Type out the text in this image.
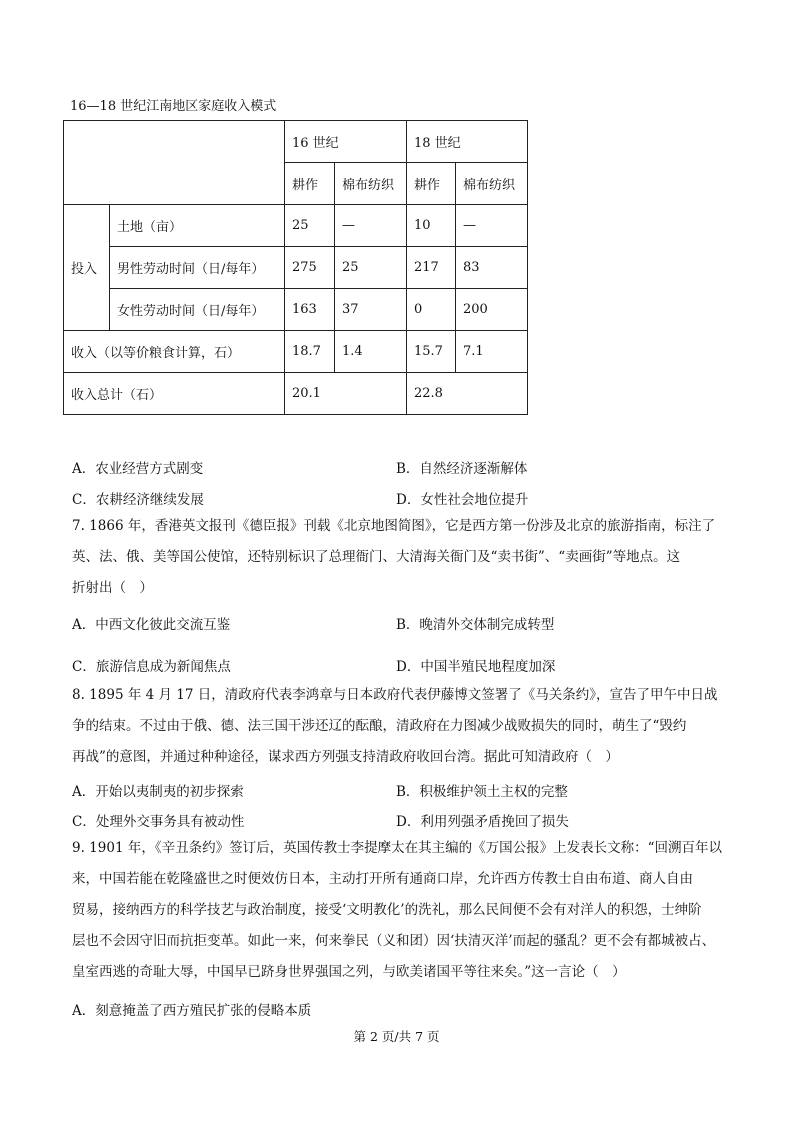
16—18 世纪江南地区家庭收入模式
		16 世纪		18 世纪	
		耕作	棉布纺织	耕作	棉布纺织
投入	土地（亩）	25	—	10	—
	男性劳动时间（日/每年）	275	25	217	83
	女性劳动时间（日/每年）	163	37	0	200
收入（以等价粮食计算，石）		18.7	1.4	15.7	7.1
收入总计（石）		20.1		22.8	
A．农业经营方式剧变	B．自然经济逐渐解体
C．农耕经济继续发展	D．女性社会地位提升
7. 1866 年，香港英文报刊《德臣报》刊载《北京地图简图》，它是西方第一份涉及北京的旅游指南，标注了
英、法、俄、美等国公使馆，还特别标识了总理衙门、大清海关衙门及“卖书街”、“卖画街”等地点。这
折射出（　）
A．中西文化彼此交流互鉴	B．晚清外交体制完成转型
C．旅游信息成为新闻焦点	D．中国半殖民地程度加深
8. 1895 年 4 月 17 日，清政府代表李鸿章与日本政府代表伊藤博文签署了《马关条约》，宣告了甲午中日战
争的结束。不过由于俄、德、法三国干涉还辽的酝酿，清政府在力图减少战败损失的同时，萌生了“毁约
再战”的意图，并通过种种途径，谋求西方列强支持清政府收回台湾。据此可知清政府（　）
A．开始以夷制夷的初步探索	B．积极维护领土主权的完整
C．处理外交事务具有被动性	D．利用列强矛盾挽回了损失
9. 1901 年，《辛丑条约》签订后，英国传教士李提摩太在其主编的《万国公报》上发表长文称：“回溯百年以
来，中国若能在乾隆盛世之时便效仿日本，主动打开所有通商口岸，允许西方传教士自由布道、商人自由
贸易，接纳西方的科学技艺与政治制度，接受‘文明教化’的洗礼，那么民间便不会有对洋人的积怨，士绅阶
层也不会因守旧而抗拒变革。如此一来，何来拳民（义和团）因‘扶清灭洋’而起的骚乱？更不会有都城被占、
皇室西逃的奇耻大辱，中国早已跻身世界强国之列，与欧美诸国平等往来矣。”这一言论（　）
A．刻意掩盖了西方殖民扩张的侵略本质
第 2 页/共 7 页
